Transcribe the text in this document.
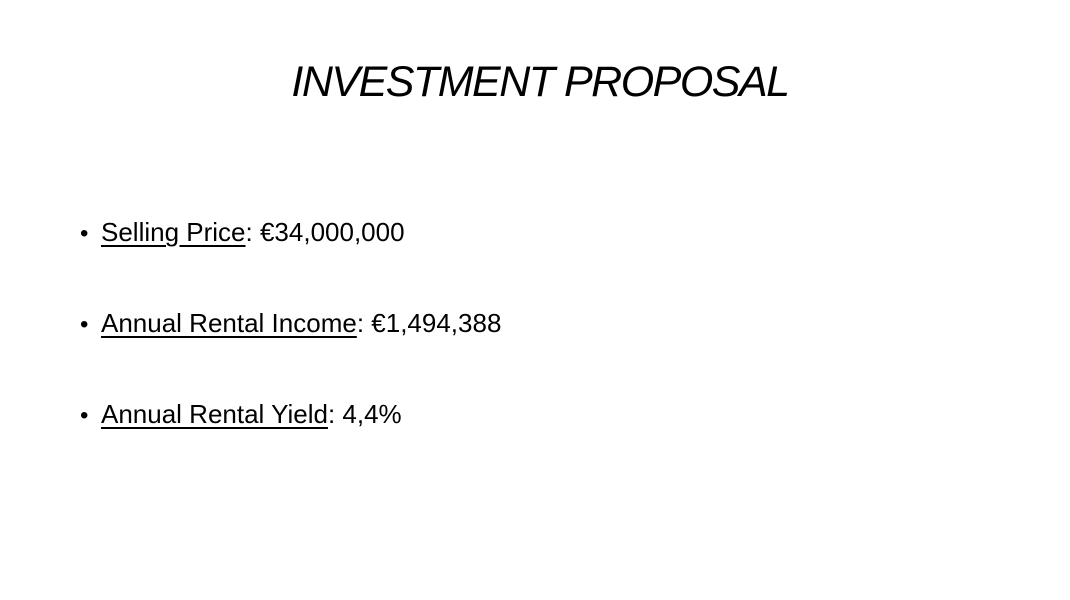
INVESTMENT PROPOSAL
• Selling Price: €34,000,000
• Annual Rental Income: €1,494,388
• Annual Rental Yield: 4,4%
